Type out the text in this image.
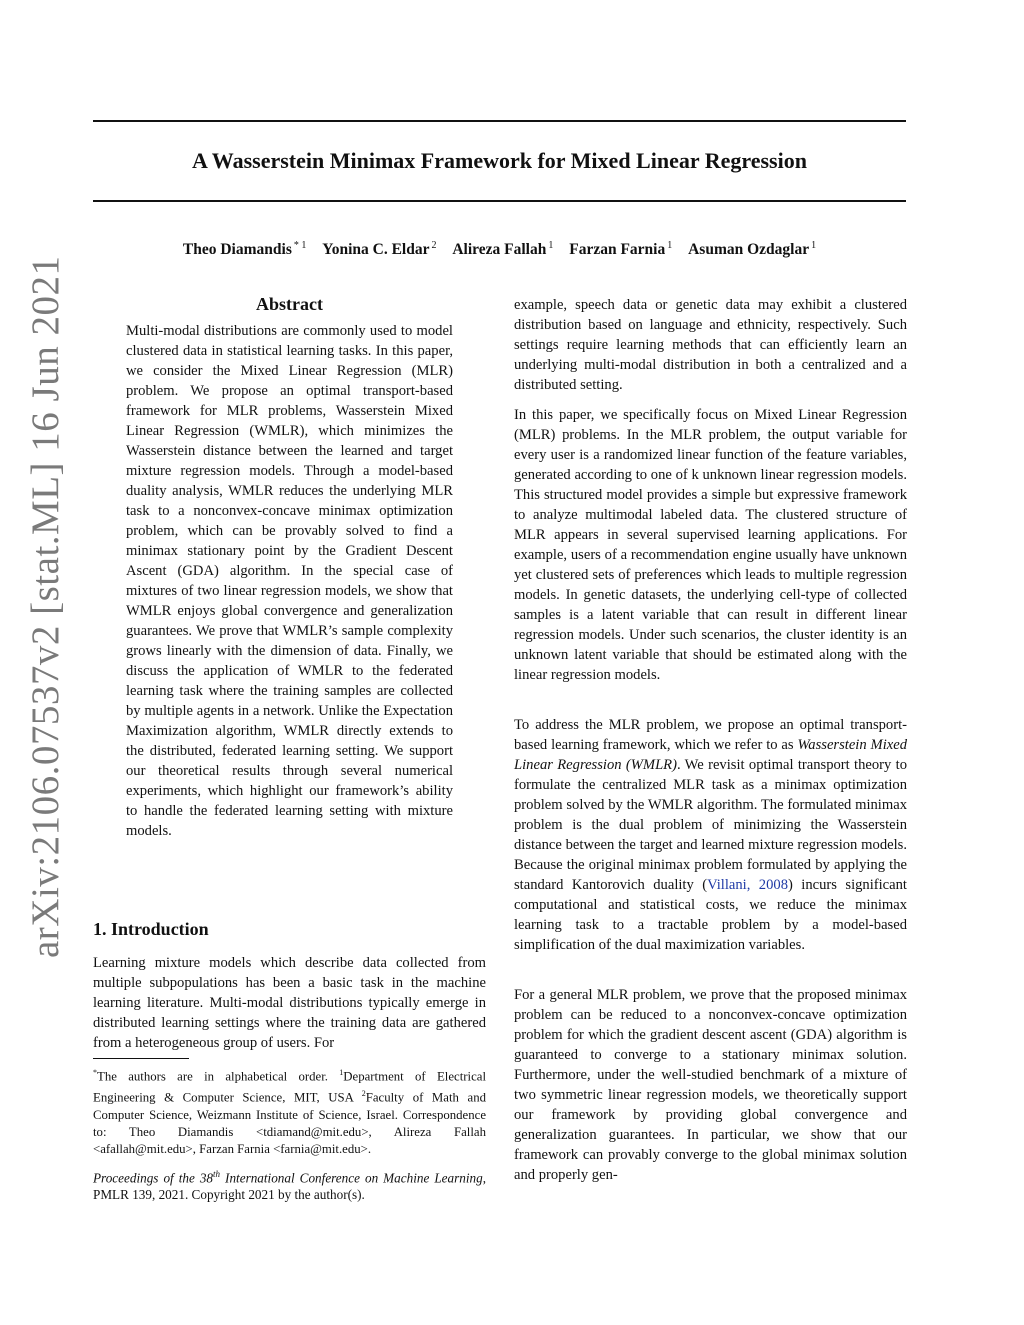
A Wasserstein Minimax Framework for Mixed Linear Regression
Theo Diamandis $^{* 1}$ Yonina C. Eldar $^2$ Alireza Fallah $^1$ Farzan Farnia $^1$ Asuman Ozdaglar $^1$
arXiv:2106.07537v2 [stat.ML] 16 Jun 2021	Abstract

Multi-modal distributions are commonly used to model clustered data in statistical learning tasks. In this paper, we consider the Mixed Linear Regression (MLR) problem. We propose an optimal transport-based framework for MLR problems, Wasserstein Mixed Linear Regression (WMLR), which minimizes the Wasserstein distance between the learned and target mixture regression models. Through a model-based duality analysis, WMLR reduces the underlying MLR task to a nonconvex-concave minimax optimization problem, which can be provably solved to find a minimax stationary point by the Gradient Descent Ascent (GDA) algorithm. In the special case of mixtures of two linear regression models, we show that WMLR enjoys global convergence and generalization guarantees. We prove that WMLR’s sample complexity grows linearly with the dimension of data. Finally, we discuss the application of WMLR to the federated learning task where the training samples are collected by multiple agents in a network. Unlike the Expectation Maximization algorithm, WMLR directly extends to the distributed, federated learning setting. We support our theoretical results through several numerical experiments, which highlight our framework’s ability to handle the federated learning setting with mixture models.

1. Introduction

Learning mixture models which describe data collected from multiple subpopulations has been a basic task in the machine learning literature. Multi-modal distributions typically emerge in distributed learning settings where the training data are gathered from a heterogeneous group of users. For

*The authors are in alphabetical order. $^1$Department of Electrical Engineering & Computer Science, MIT, USA $^2$Faculty of Math and Computer Science, Weizmann Institute of Science, Israel. Correspondence to: Theo Diamandis <tdiamand@mit.edu>, Alireza Fallah <afallah@mit.edu>, Farzan Farnia <farnia@mit.edu>.

Proceedings of the 38th International Conference on Machine Learning, PMLR 139, 2021. Copyright 2021 by the author(s).

example, speech data or genetic data may exhibit a clustered distribution based on language and ethnicity, respectively. Such settings require learning methods that can efficiently learn an underlying multi-modal distribution in both a centralized and a distributed setting.

In this paper, we specifically focus on Mixed Linear Regression (MLR) problems. In the MLR problem, the output variable for every user is a randomized linear function of the feature variables, generated according to one of k unknown linear regression models. This structured model provides a simple but expressive framework to analyze multimodal labeled data. The clustered structure of MLR appears in several supervised learning applications. For example, users of a recommendation engine usually have unknown yet clustered sets of preferences which leads to multiple regression models. In genetic datasets, the underlying cell-type of collected samples is a latent variable that can result in different linear regression models. Under such scenarios, the cluster identity is an unknown latent variable that should be estimated along with the linear regression models.

To address the MLR problem, we propose an optimal transport-based learning framework, which we refer to as Wasserstein Mixed Linear Regression (WMLR). We revisit optimal transport theory to formulate the centralized MLR task as a minimax optimization problem solved by the WMLR algorithm. The formulated minimax problem is the dual problem of minimizing the Wasserstein distance between the target and learned mixture regression models. Because the original minimax problem formulated by applying the standard Kantorovich duality (Villani, 2008) incurs significant computational and statistical costs, we reduce the minimax learning task to a tractable problem by a model-based simplification of the dual maximization variables.

For a general MLR problem, we prove that the proposed minimax problem can be reduced to a nonconvex-concave optimization problem for which the gradient descent ascent (GDA) algorithm is guaranteed to converge to a stationary minimax solution. Furthermore, under the well-studied benchmark of a mixture of two symmetric linear regression models, we theoretically support our framework by providing global convergence and generalization guarantees. In particular, we show that our framework can provably converge to the global minimax solution and properly gen-
